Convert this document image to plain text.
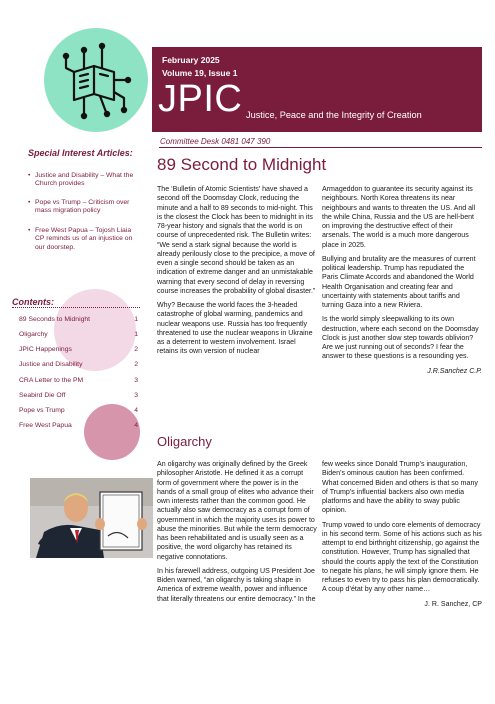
February 2025
Volume 19, Issue 1
JPIC Justice, Peace and the Integrity of Creation
Committee Desk 0481 047 390
Special Interest Articles:
• Justice and Disability – What the Church provides
• Pope vs Trump – Criticism over mass migration policy
• Free West Papua – Tojosh Liaia CP reminds us of an injustice on our doorstep.
Contents:
89 Seconds to Midnight	1
Oligarchy	1
JPIC Happenings	2
Justice and Disability	2
CRA Letter to the PM	3
Seabird Die Off	3
Pope vs Trump	4
Free West Papua	4
89 Second to Midnight

The ‘Bulletin of Atomic Scientists’ have shaved a second off the Doomsday Clock, reducing the minute and a half to 89 seconds to mid-night. This is the closest the Clock has been to midnight in its 78-year history and signals that the world is on course of unprecedented risk. The Bulletin writes: “We send a stark signal because the world is already perilously close to the precipice, a move of even a single second should be taken as an indication of extreme danger and an unmistakable warning that every second of delay in reversing course increases the probability of global disaster.”

Why? Because the world faces the 3-headed catastrophe of global warming, pandemics and nuclear weapons use. Russia has too frequently threatened to use the nuclear weapons in Ukraine as a deterrent to western involvement. Israel retains its own version of nuclear

Armageddon to guarantee its security against its neighbours. North Korea threatens its near neighbours and wants to threaten the US. And all the while China, Russia and the US are hell-bent on improving the destructive effect of their arsenals. The world is a much more dangerous place in 2025.

Bullying and brutality are the measures of current political leadership. Trump has repudiated the Paris Climate Accords and abandoned the World Health Organisation and creating fear and uncertainty with statements about tariffs and turning Gaza into a new Riviera.

Is the world simply sleepwalking to its own destruction, where each second on the Doomsday Clock is just another slow step towards oblivion? Are we just running out of seconds? I fear the answer to these questions is a resounding yes.

J.R.Sanchez C.P.
Oligarchy

An oligarchy was originally defined by the Greek philosopher Aristotle. He defined it as a corrupt form of government where the power is in the hands of a small group of elites who advance their own interests rather than the common good. He actually also saw democracy as a corrupt form of government in which the majority uses its power to abuse the minorities. But while the term democracy has been rehabilitated and is usually seen as a positive, the word oligarchy has retained its negative connotations.

In his farewell address, outgoing US President Joe Biden warned, “an oligarchy is taking shape in America of extreme wealth, power and influence that literally threatens our entire democracy.” In the

few weeks since Donald Trump’s inauguration, Biden’s ominous caution has been confirmed. What concerned Biden and others is that so many of Trump’s influential backers also own media platforms and have the ability to sway public opinion.

Trump vowed to undo core elements of democracy in his second term. Some of his actions such as his attempt to end birthright citizenship, go against the constitution. However, Trump has signalled that should the courts apply the text of the Constitution to negate his plans, he will simply ignore them. He refuses to even try to pass his plan democratically. A coup d’état by any other name…

J. R. Sanchez, CP
